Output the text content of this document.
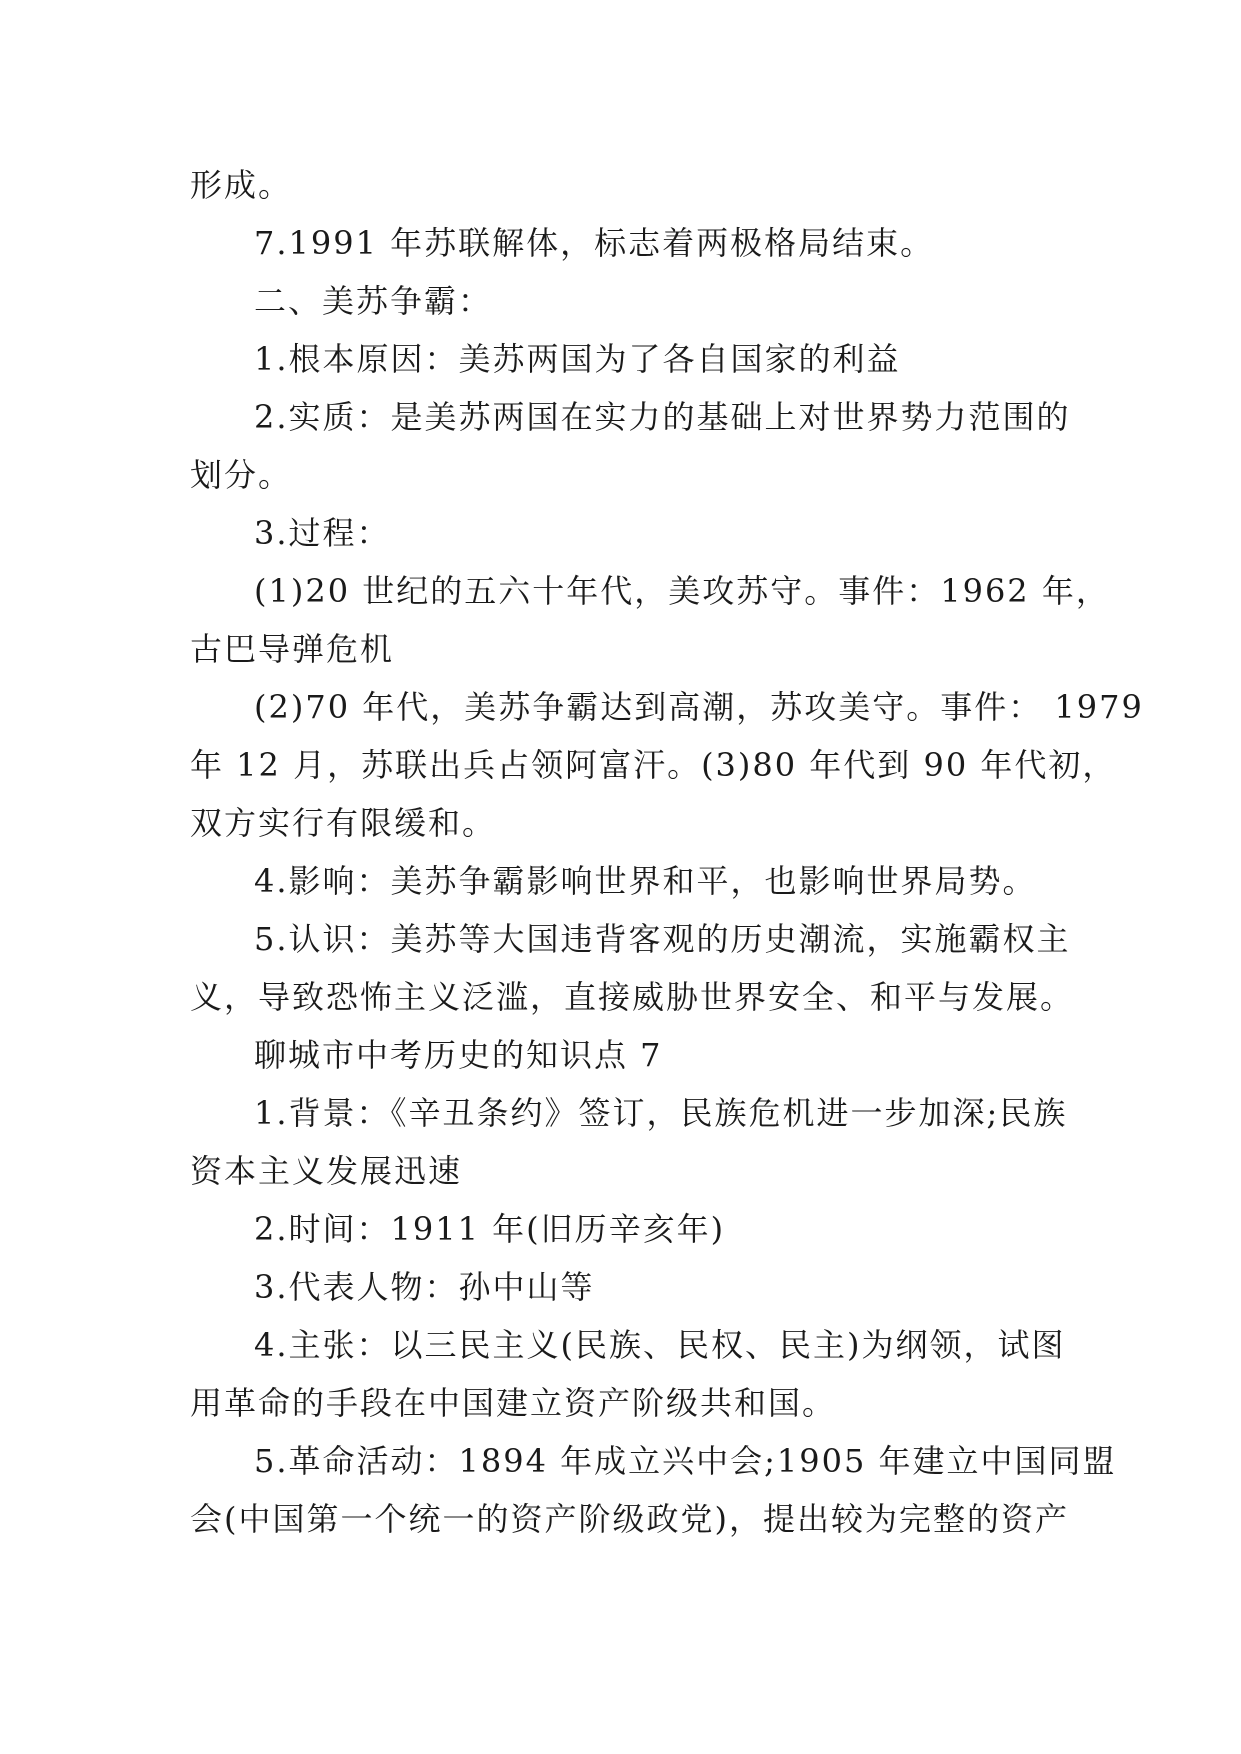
形成。
7.1991 年苏联解体，标志着两极格局结束。
二、美苏争霸：
1.根本原因：美苏两国为了各自国家的利益
2.实质：是美苏两国在实力的基础上对世界势力范围的
划分。
3.过程：
(1)20 世纪的五六十年代，美攻苏守。事件：1962 年，
古巴导弹危机
(2)70 年代，美苏争霸达到高潮，苏攻美守。事件： 1979
年 12 月，苏联出兵占领阿富汗。(3)80 年代到 90 年代初，
双方实行有限缓和。
4.影响：美苏争霸影响世界和平，也影响世界局势。
5.认识：美苏等大国违背客观的历史潮流，实施霸权主
义，导致恐怖主义泛滥，直接威胁世界安全、和平与发展。
聊城市中考历史的知识点 7
1.背景：《辛丑条约》签订，民族危机进一步加深;民族
资本主义发展迅速
2.时间：1911 年(旧历辛亥年)
3.代表人物：孙中山等
4.主张：以三民主义(民族、民权、民主)为纲领，试图
用革命的手段在中国建立资产阶级共和国。
5.革命活动：1894 年成立兴中会;1905 年建立中国同盟
会(中国第一个统一的资产阶级政党)，提出较为完整的资产
